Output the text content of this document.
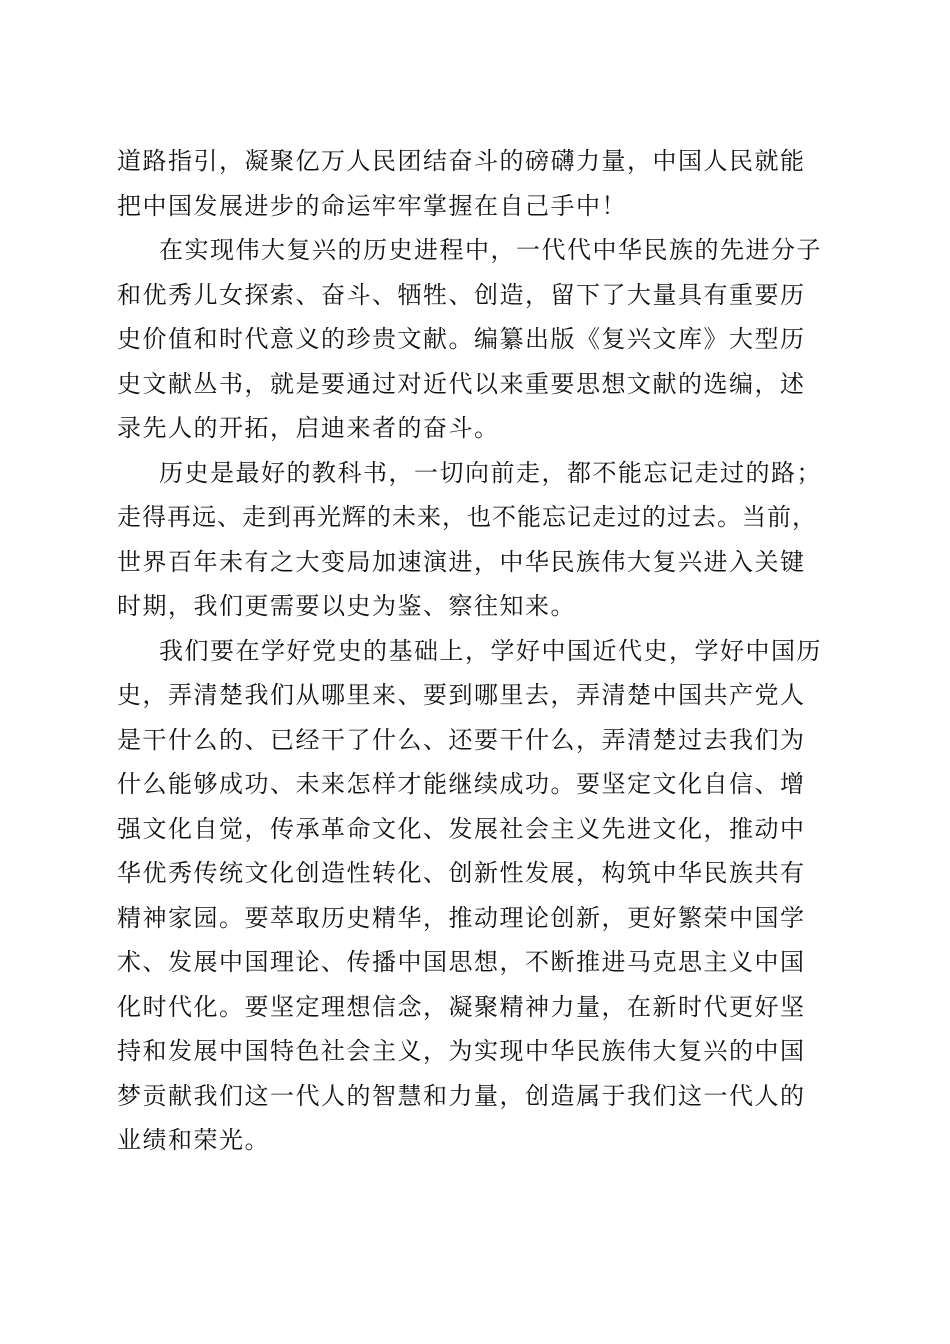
道路指引，凝聚亿万人民团结奋斗的磅礴力量，中国人民就能
把中国发展进步的命运牢牢掌握在自己手中！
在实现伟大复兴的历史进程中，一代代中华民族的先进分子
和优秀儿女探索、奋斗、牺牲、创造，留下了大量具有重要历
史价值和时代意义的珍贵文献。编纂出版《复兴文库》大型历
史文献丛书，就是要通过对近代以来重要思想文献的选编，述
录先人的开拓，启迪来者的奋斗。
历史是最好的教科书，一切向前走，都不能忘记走过的路；
走得再远、走到再光辉的未来，也不能忘记走过的过去。当前，
世界百年未有之大变局加速演进，中华民族伟大复兴进入关键
时期，我们更需要以史为鉴、察往知来。
我们要在学好党史的基础上，学好中国近代史，学好中国历
史，弄清楚我们从哪里来、要到哪里去，弄清楚中国共产党人
是干什么的、已经干了什么、还要干什么，弄清楚过去我们为
什么能够成功、未来怎样才能继续成功。要坚定文化自信、增
强文化自觉，传承革命文化、发展社会主义先进文化，推动中
华优秀传统文化创造性转化、创新性发展，构筑中华民族共有
精神家园。要萃取历史精华，推动理论创新，更好繁荣中国学
术、发展中国理论、传播中国思想，不断推进马克思主义中国
化时代化。要坚定理想信念，凝聚精神力量，在新时代更好坚
持和发展中国特色社会主义，为实现中华民族伟大复兴的中国
梦贡献我们这一代人的智慧和力量，创造属于我们这一代人的
业绩和荣光。
